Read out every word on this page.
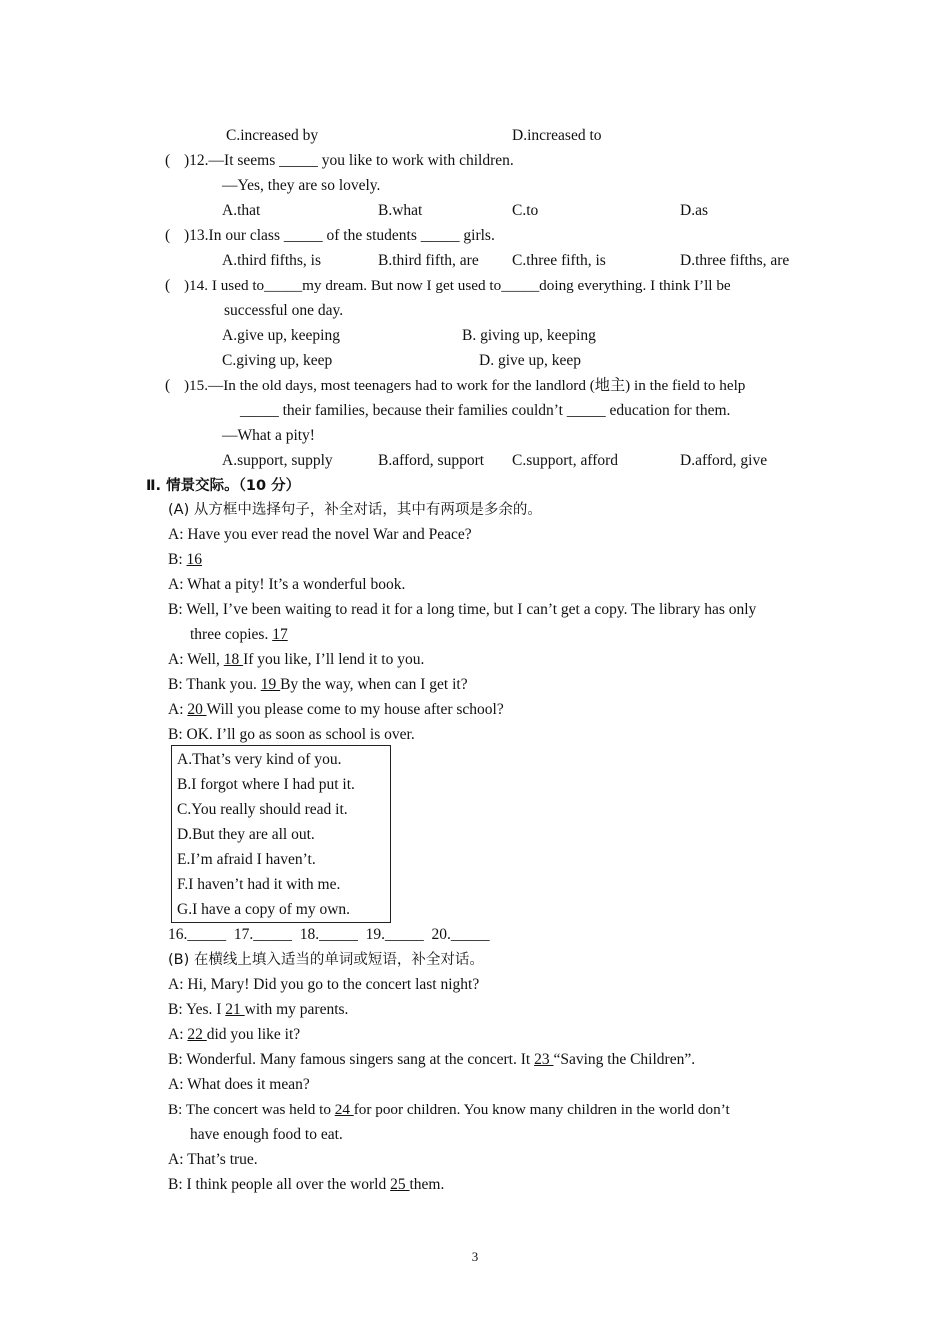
C.increased by	D.increased to
( )12.—It seems _____ you like to work with children.
—Yes, they are so lovely.
A.that	B.what	C.to	D.as
( )13.In our class _____ of the students _____ girls.
A.third fifths, is	B.third fifth, are C.three fifth, is	D.three fifths, are
( )14. I used to_____my dream. But now I get used to_____doing everything. I think I’ll be
successful one day.
A.give up, keeping	B. giving up, keeping
C.giving up, keep	D. give up, keep
( )15.—In the old days, most teenagers had to work for the landlord (地主) in the field to help
_____ their families, because their families couldn’t _____ education for them.
—What a pity!
A.support, supply	B.afford, support C.support, afford	D.afford, give
Ⅱ. 情景交际。（10 分）
(A) 从方框中选择句子，补全对话，其中有两项是多余的。
A: Have you ever read the novel War and Peace?
B: 16
A: What a pity! It’s a wonderful book.
B: Well, I’ve been waiting to read it for a long time, but I can’t get a copy. The library has only
three copies. 17
A: Well, 18 If you like, I’ll lend it to you.
B: Thank you. 19 By the way, when can I get it?
A: 20 Will you please come to my house after school?
B: OK. I’ll go as soon as school is over.
A.That’s very kind of you.
B.I forgot where I had put it.
C.You really should read it.
D.But they are all out.
E.I’m afraid I haven’t.
F.I haven’t had it with me.
G.I have a copy of my own.
16._____  17._____  18._____  19._____  20._____
(B) 在横线上填入适当的单词或短语，补全对话。
A: Hi, Mary! Did you go to the concert last night?
B: Yes. I 21 with my parents.
A: 22 did you like it?
B: Wonderful. Many famous singers sang at the concert. It 23 “Saving the Children”.
A: What does it mean?
B: The concert was held to 24 for poor children. You know many children in the world don’t
have enough food to eat.
A: That’s true.
B: I think people all over the world 25 them.
3
